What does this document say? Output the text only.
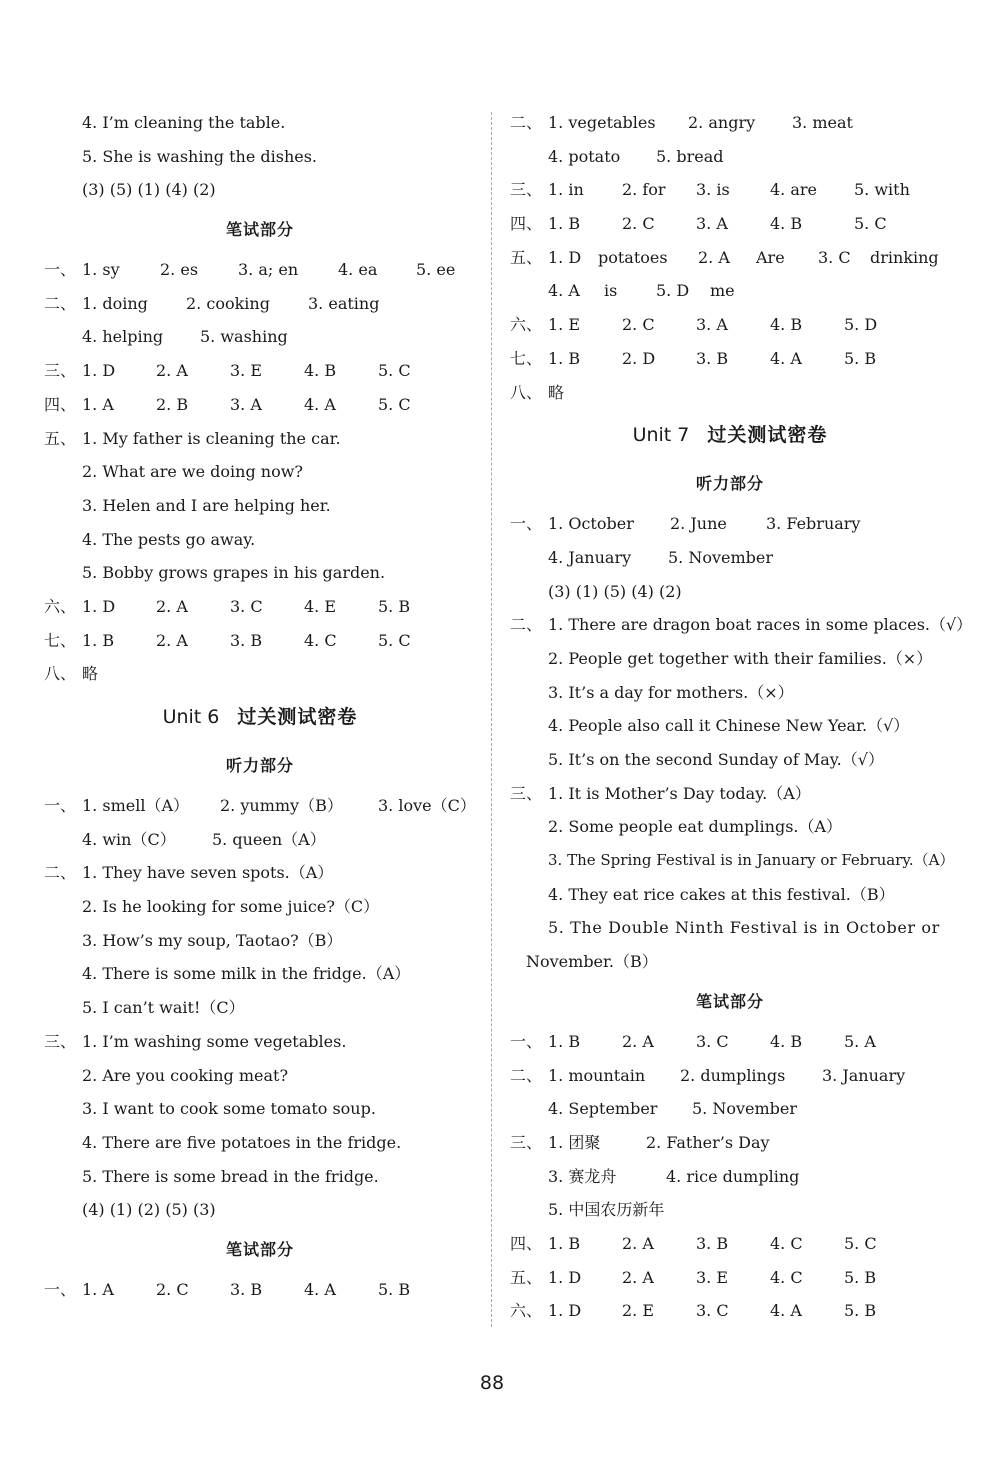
4. I’m cleaning the table.
5. She is washing the dishes.
(3) (5) (1) (4) (2)
笔试部分
一、 1. sy	2. es 3. a; en 4. ea 5. ee
二、 1. doing 2. cooking 3. eating
4. helping 5. washing
三、 1. D	2. A	3. E	4. B	5. C
四、 1. A	2. B	3. A	4. A	5. C
五、 1. My father is cleaning the car.
2. What are we doing now?
3. Helen and I are helping her.
4. The pests go away.
5. Bobby grows grapes in his garden.
六、 1. D	2. A	3. C	4. E	5. B
七、 1. B	2. A	3. B	4. C	5. C
八、 略
Unit 6 过关测试密卷
听力部分
一、 1. smell（A） 2. yummy（B） 3. love（C）
4. win（C） 5. queen（A）
二、 1. They have seven spots.（A）
2. Is he looking for some juice?（C）
3. How’s my soup, Taotao?（B）
4. There is some milk in the fridge.（A）
5. I can’t wait!（C）
三、 1. I’m washing some vegetables.
2. Are you cooking meat?
3. I want to cook some tomato soup.
4. There are five potatoes in the fridge.
5. There is some bread in the fridge.
(4) (1) (2) (5) (3)
笔试部分
一、 1. A	2. C	3. B	4. A	5. B
二、 1. vegetables 2. angry 3. meat
4. potato 5. bread
三、 1. in 2. for 3. is	4. are 5. with
四、 1. B	2. C	3. A	4. B	5. C
五、 1. D potatoes 2. A Are 3. C drinking
4. A is 5. D me
六、 1. E	2. C	3. A	4. B	5. D
七、 1. B	2. D	3. B	4. A	5. B
八、 略
Unit 7 过关测试密卷
听力部分
一、 1. October 2. June 3. February
4. January 5. November
(3) (1) (5) (4) (2)
二、 1. There are dragon boat races in some places.（√）
2. People get together with their families.（×）
3. It’s a day for mothers.（×）
4. People also call it Chinese New Year.（√）
5. It’s on the second Sunday of May.（√）
三、 1. It is Mother’s Day today.（A）
2. Some people eat dumplings.（A）
3. The Spring Festival is in January or February.（A）
4. They eat rice cakes at this festival.（B）
5. The Double Ninth Festival is in October or
November.（B）
笔试部分
一、 1. B	2. A	3. C	4. B	5. A
二、 1. mountain 2. dumplings 3. January
4. September 5. November
三、 1. 团聚	2. Father’s Day
3. 赛龙舟	4. rice dumpling
5. 中国农历新年
四、 1. B	2. A	3. B	4. C	5. C
五、 1. D	2. A	3. E	4. C	5. B
六、 1. D	2. E	3. C	4. A	5. B
88
